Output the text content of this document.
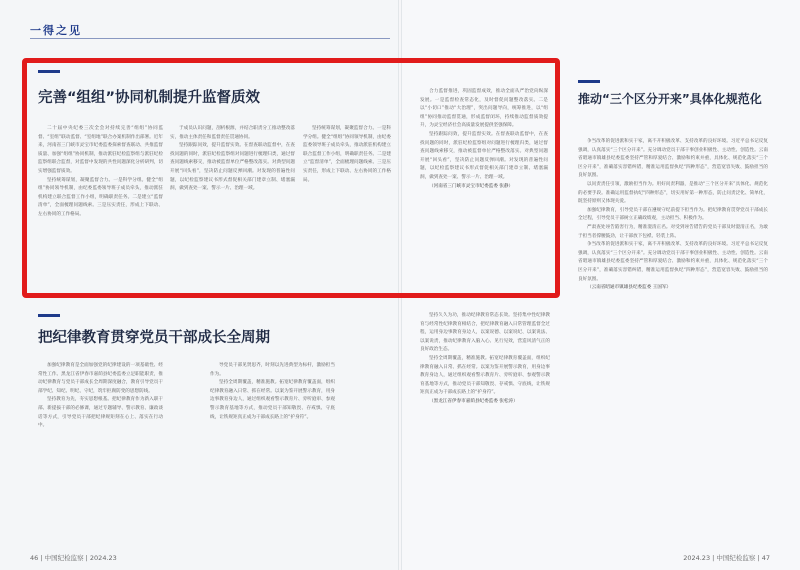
一得之见
完善“组组”协同机制提升监督质效

二十届中央纪委三次全会对持续完善“组组”协同监督、“室组”联动监督、“室组地”联合办案机制作出部署。近年来，河南省三门峡市灵宝市纪委监委探索督查联动、共推监督质量、加强“组组”协同机制，推动派驻纪检监察组与派驻纪检监察组联合监督，对监督中发现的共性问题深化分析研判，切实增强监督质效。

坚持统筹谋划，凝聚监督合力。一是科学分组。健全“组组”协同领导机制，由纪委监委领导班子成员牵头，推动派驻机构建立联合监督工作小组，明确职责任务。二是建立“监督清单”，全面梳理问题线索。三是压实责任，形成上下联动、左右协同的工作格局。

于成员认识问题，剖析根源，并结合职责分工推动整改落实，推动主体责任和监督责任贯通协同。

坚持跟踪问效，提升监督实效。在督查联动监督中，在查找问题的同时，派驻纪检监察组对问题进行梳理归类，通过督查问题线索移交，推动被监督单位严格整改落实。对典型问题开展“回头看”，坚决防止问题反弹回潮。对发现的普遍性问题，以纪检监察建议书形式督促相关部门建章立制、堵塞漏洞，做到查处一案、警示一片、治理一域。

坚持统筹谋划，凝聚监督合力。一是科学分组。健全“组组”协同领导机制，由纪委监委领导班子成员牵头，推动派驻机构建立联合监督工作小组，明确职责任务。二是建立“监督清单”，全面梳理问题线索。三是压实责任，形成上下联动、左右协同的工作格局。

合力监督推进，巩固监督成效，推动全面从严治党向纵深发展。一是监督检查常态化，及时督促问题整改落实。二是以“小切口”推动“大治理”，突出问题导向，统筹推进，以“组组”协同推动监督贯通，形成监督闭环，持续推动监督质效提升，为灵宝经济社会高质量发展提供坚强保障。

坚持跟踪问效，提升监督实效。在督查联动监督中，在查找问题的同时，派驻纪检监察组对问题进行梳理归类，通过督查问题线索移交，推动被监督单位严格整改落实。对典型问题开展“回头看”，坚决防止问题反弹回潮。对发现的普遍性问题，以纪检监察建议书形式督促相关部门建章立制、堵塞漏洞，做到查处一案、警示一片、治理一域。

（河南省三门峡市灵宝市纪委监委 张静）

把纪律教育贯穿党员干部成长全周期

加强纪律教育是全面加强党的纪律建设的一项基础性、经常性工作。黑龙江省伊春市嘉荫县纪委监委立足职能职责，推动纪律教育与党员干部成长全周期深度融合，教育引导党员干部学纪、知纪、明纪、守纪，筑牢拒腐防变的思想防线。

坚持教育为先，夯实思想根基。把纪律教育作为新入职干部、新提拔干部的必修课，通过专题辅导、警示教育、廉政谈话等方式，引导党员干部把纪律规矩刻在心上、落实在行动中。

导党员干部见贤思齐，时刻以先进典型为标杆，激励担当作为。

坚持全周期覆盖，精准施教。拓宽纪律教育覆盖面，组织纪律教育融入日常、抓在经常。以案为鉴开展警示教育，用身边事教育身边人，通过组织观看警示教育片、旁听庭审、参观警示教育基地等方式，推动党员干部知敬畏、存戒惧、守底线，让铁规矩真正成为干部成长路上的“护身符”。

坚持久久为功，推动纪律教育常态长效。坚持集中性纪律教育与经常性纪律教育相结合，把纪律教育融入日常管理监督全过程，运用身边事教育身边人，以案说德、以案说纪、以案说法、以案说责，推动纪律教育入脑入心、见行见效，营造风清气正的良好政治生态。

坚持全周期覆盖，精准施教。拓宽纪律教育覆盖面，组织纪律教育融入日常、抓在经常。以案为鉴开展警示教育，用身边事教育身边人，通过组织观看警示教育片、旁听庭审、参观警示教育基地等方式，推动党员干部知敬畏、存戒惧、守底线，让铁规矩真正成为干部成长路上的“护身符”。

（黑龙江省伊春市嘉荫县纪委监委 张松涛）

推动“三个区分开来”具体化规范化

争当改革的促进派和实干家，离不开积极改革、支持改革的良好环境。习近平总书记反复强调，认真落实“三个区分开来”。充分调动党员干部干事创业积极性、主动性、创造性。云南省昭通市镇雄县纪委监委坚持严管和厚爱结合、激励和约束并重，具体化、规范化落实“三个区分开来”，准确落实容错纠错，精准运用监督执纪“四种形态”，营造宽容失败、鼓励担当的良好氛围。

以问责责任引领，激励担当作为。用好问责利器，是推动“三个区分开来”具体化、规范化的必要手段。准确运用监督执纪“四种形态”，切实用好第一种形态，防止问责泛化、简单化，既坚持原则又体现关爱。

加强纪律教育，引导党员干部在遵规守纪前提下担当作为。把纪律教育贯穿党员干部成长全过程，引导党员干部树立正确政绩观，主动担当、积极作为。

严肃查处诬告陷害行为，精准澄清正名。对受到诬告错告的党员干部及时澄清正名，为敢于担当者撑腰鼓劲，让干部放下包袱、轻装上阵。

争当改革的促进派和实干家，离不开积极改革、支持改革的良好环境。习近平总书记反复强调，认真落实“三个区分开来”。充分调动党员干部干事创业积极性、主动性、创造性。云南省昭通市镇雄县纪委监委坚持严管和厚爱结合、激励和约束并重，具体化、规范化落实“三个区分开来”，准确落实容错纠错，精准运用监督执纪“四种形态”，营造宽容失败、鼓励担当的良好氛围。

（云南省昭通市镇雄县纪委监委 王国军）

46 | 中国纪检监察 | 2024.23	2024.23 | 中国纪检监察 | 47
